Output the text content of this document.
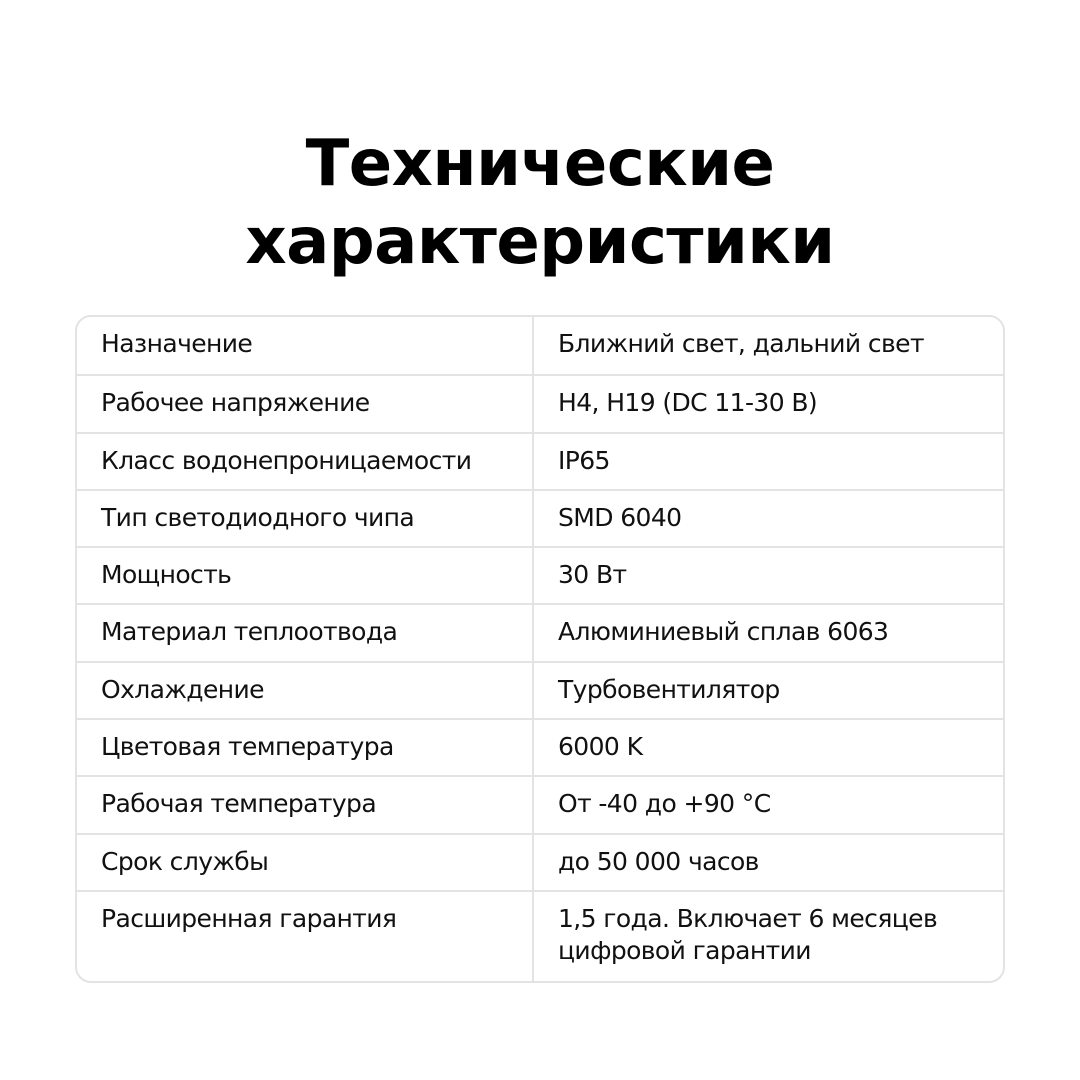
Технические
характеристики
Назначение	Ближний свет, дальний свет
Рабочее напряжение	H4, H19 (DC 11-30 В)
Класс водонепроницаемости	IP65
Тип светодиодного чипа	SMD 6040
Мощность	30 Вт
Материал теплоотвода	Алюминиевый сплав 6063
Охлаждение	Турбовентилятор
Цветовая температура	6000 K
Рабочая температура	От -40 до +90 °С
Срок службы	до 50 000 часов
Расширенная гарантия	1,5 года. Включает 6 месяцев цифровой гарантии
